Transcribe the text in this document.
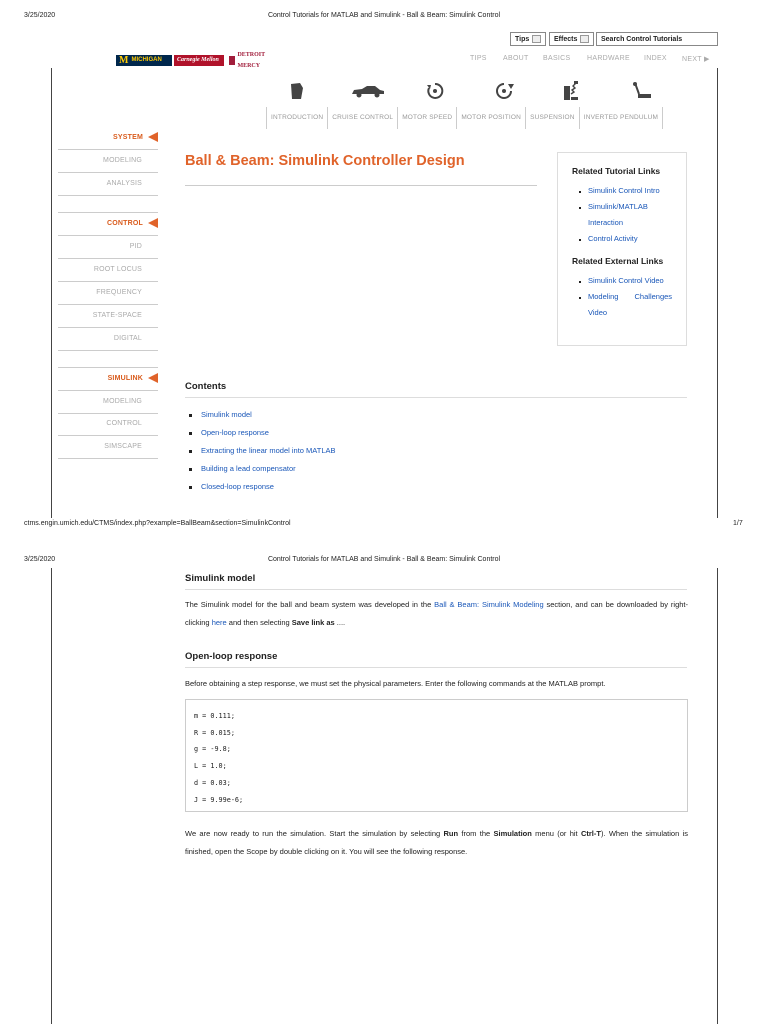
3/25/2020	Control Tutorials for MATLAB and Simulink - Ball & Beam: Simulink Control
Tips	Effects	Search Control Tutorials
M MICHIGAN	Carnegie Mellon
DETROIT MERCY
TIPS ABOUT BASICS HARDWARE INDEX NEXT ▶
INTRODUCTION	CRUISE CONTROL	MOTOR SPEED	MOTOR POSITION	SUSPENSION	INVERTED PENDULUM
SYSTEM
MODELING
ANALYSIS
CONTROL
PID
ROOT LOCUS
FREQUENCY
STATE-SPACE
DIGITAL
SIMULINK
MODELING
CONTROL
SIMSCAPE
Ball & Beam: Simulink Controller Design
Related Tutorial Links
Simulink Control Intro
Simulink/MATLAB Interaction
Control Activity
Related External Links
Simulink Control Video
Modeling Challenges Video
Contents
Simulink model
Open-loop response
Extracting the linear model into MATLAB
Building a lead compensator
Closed-loop response
ctms.engin.umich.edu/CTMS/index.php?example=BallBeam&section=SimulinkControl	1/7
3/25/2020	Control Tutorials for MATLAB and Simulink - Ball & Beam: Simulink Control
Simulink model
The Simulink model for the ball and beam system was developed in the Ball & Beam: Simulink Modeling section, and can be downloaded by right-clicking here and then selecting Save link as ....
Open-loop response
Before obtaining a step response, we must set the physical parameters. Enter the following commands at the MATLAB prompt.
m = 0.111;
R = 0.015;
g = -9.8;
L = 1.0;
d = 0.03;
J = 9.99e-6;
We are now ready to run the simulation. Start the simulation by selecting Run from the Simulation menu (or hit Ctrl-T). When the simulation is finished, open the Scope by double clicking on it. You will see the following response.
